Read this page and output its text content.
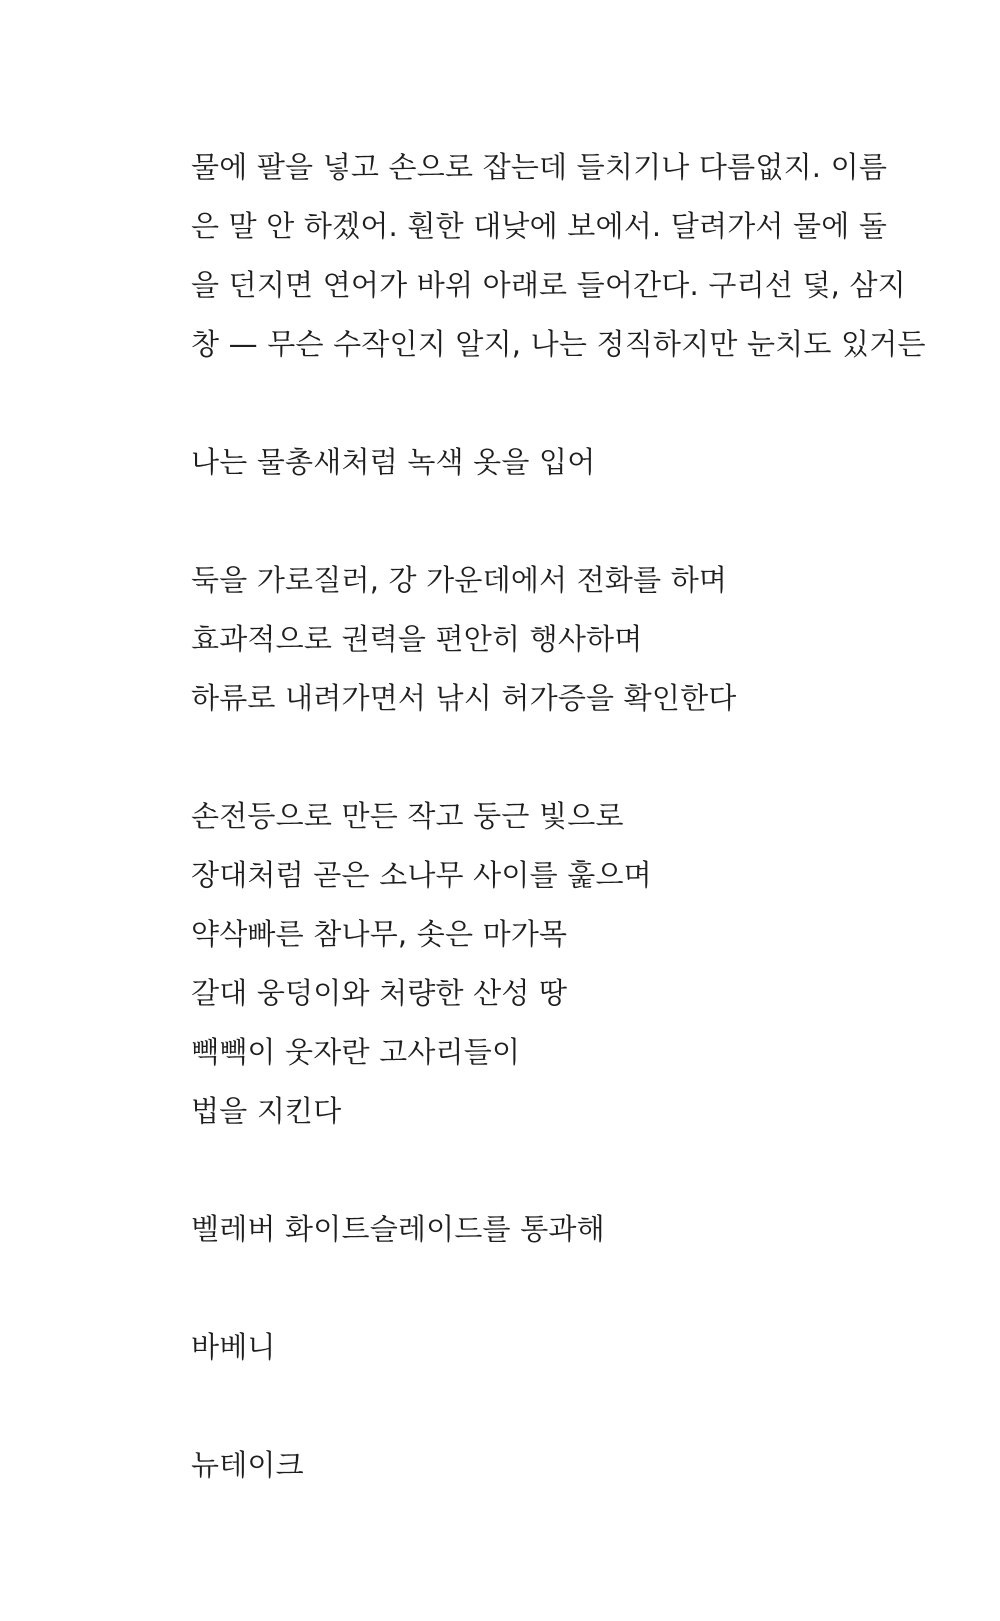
물에 팔을 넣고 손으로 잡는데 들치기나 다름없지. 이름
은 말 안 하겠어. 훤한 대낮에 보에서. 달려가서 물에 돌
을 던지면 연어가 바위 아래로 들어간다. 구리선 덫, 삼지
창 — 무슨 수작인지 알지, 나는 정직하지만 눈치도 있거든
나는 물총새처럼 녹색 옷을 입어
둑을 가로질러, 강 가운데에서 전화를 하며
효과적으로 권력을 편안히 행사하며
하류로 내려가면서 낚시 허가증을 확인한다
손전등으로 만든 작고 둥근 빛으로
장대처럼 곧은 소나무 사이를 훑으며
약삭빠른 참나무, 솟은 마가목
갈대 웅덩이와 처량한 산성 땅
빽빽이 웃자란 고사리들이
법을 지킨다
벨레버 화이트슬레이드를 통과해
바베니
뉴테이크
